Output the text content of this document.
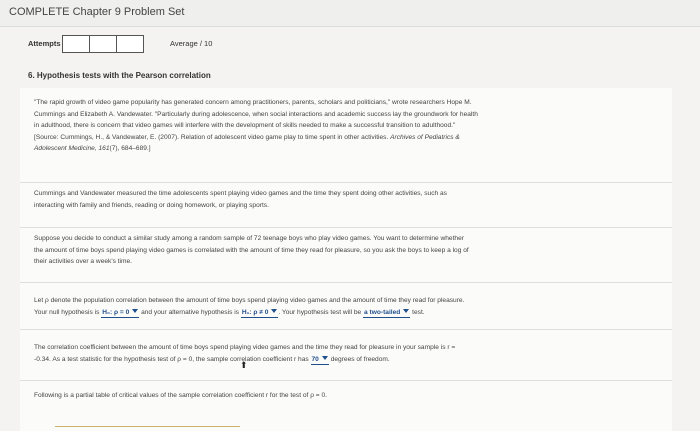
COMPLETE Chapter 9 Problem Set
Attempts	Average / 10
6. Hypothesis tests with the Pearson correlation
"The rapid growth of video game popularity has generated concern among practitioners, parents, scholars and politicians," wrote researchers Hope M.
Cummings and Elizabeth A. Vandewater. "Particularly during adolescence, when social interactions and academic success lay the groundwork for health
in adulthood, there is concern that video games will interfere with the development of skills needed to make a successful transition to adulthood."
[Source: Cummings, H., & Vandewater, E. (2007). Relation of adolescent video game play to time spent in other activities. Archives of Pediatrics &
Adolescent Medicine, 161(7), 684–689.]
Cummings and Vandewater measured the time adolescents spent playing video games and the time they spent doing other activities, such as
interacting with family and friends, reading or doing homework, or playing sports.
Suppose you decide to conduct a similar study among a random sample of 72 teenage boys who play video games. You want to determine whether
the amount of time boys spend playing video games is correlated with the amount of time they read for pleasure, so you ask the boys to keep a log of
their activities over a week's time.
Let ρ denote the population correlation between the amount of time boys spend playing video games and the amount of time they read for pleasure.
Your null hypothesis is H₀: ρ = 0 and your alternative hypothesis is H₁: ρ ≠ 0 . Your hypothesis test will be a two-tailed test.
The correlation coefficient between the amount of time boys spend playing video games and the time they read for pleasure in your sample is r =
-0.34. As a test statistic for the hypothesis test of ρ = 0, the sample correlation coefficient r has 70 degrees of freedom.
Following is a partial table of critical values of the sample correlation coefficient r for the test of ρ = 0.
⬆
